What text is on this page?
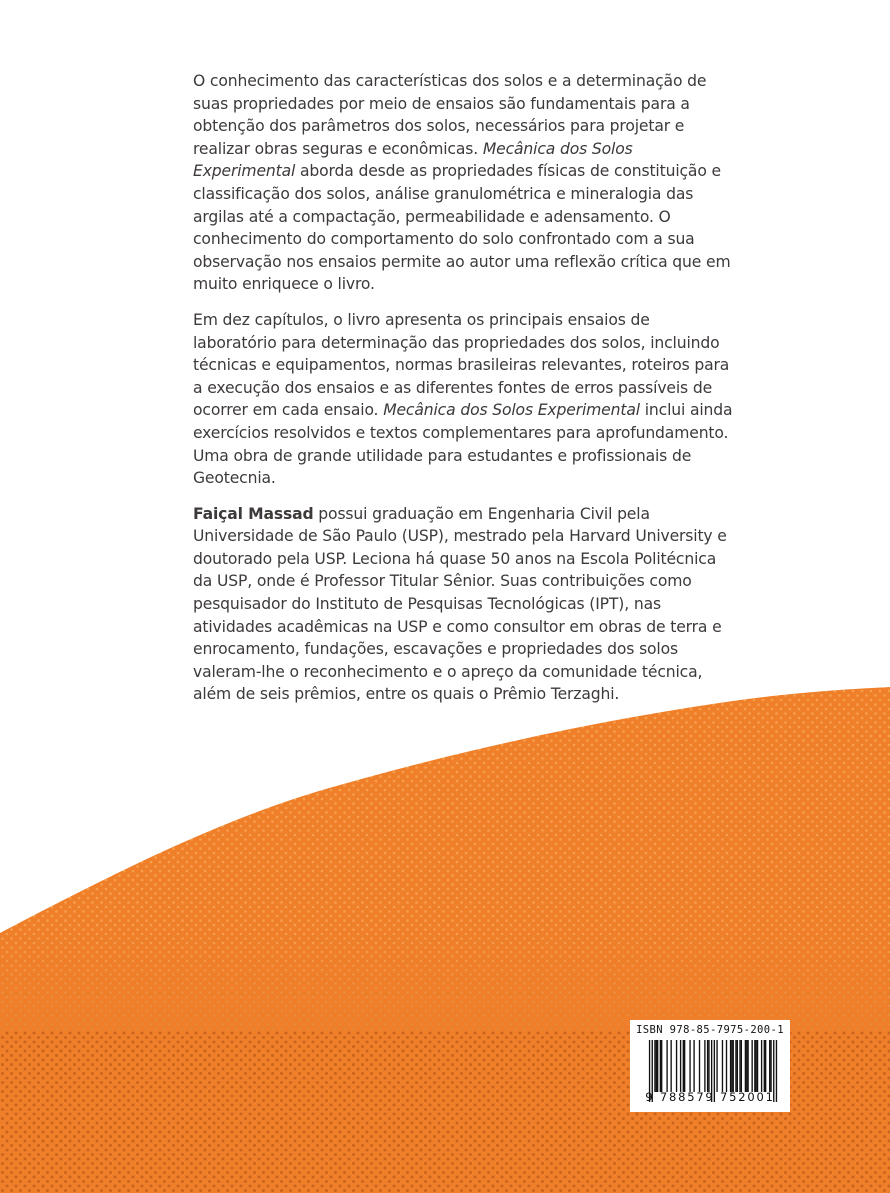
O conhecimento das características dos solos e a determinação de suas propriedades por meio de ensaios são fundamentais para a obtenção dos parâmetros dos solos, necessários para projetar e realizar obras seguras e econômicas. Mecânica dos Solos Experimental aborda desde as propriedades físicas de constituição e classificação dos solos, análise granulométrica e mineralogia das argilas até a compactação, permeabilidade e adensamento. O conhecimento do comportamento do solo confrontado com a sua observação nos ensaios permite ao autor uma reflexão crítica que em muito enriquece o livro.

Em dez capítulos, o livro apresenta os principais ensaios de laboratório para determinação das propriedades dos solos, incluindo técnicas e equipamentos, normas brasileiras relevantes, roteiros para a execução dos ensaios e as diferentes fontes de erros passíveis de ocorrer em cada ensaio. Mecânica dos Solos Experimental inclui ainda exercícios resolvidos e textos complementares para aprofundamento. Uma obra de grande utilidade para estudantes e profissionais de Geotecnia.

Faiçal Massad possui graduação em Engenharia Civil pela Universidade de São Paulo (USP), mestrado pela Harvard University e doutorado pela USP. Leciona há quase 50 anos na Escola Politécnica da USP, onde é Professor Titular Sênior. Suas contribuições como pesquisador do Instituto de Pesquisas Tecnológicas (IPT), nas atividades acadêmicas na USP e como consultor em obras de terra e enrocamento, fundações, escavações e propriedades dos solos valeram-lhe o reconhecimento e o apreço da comunidade técnica, além de seis prêmios, entre os quais o Prêmio Terzaghi.

ISBN 978-85-7975-200-1
9 788579 752001
